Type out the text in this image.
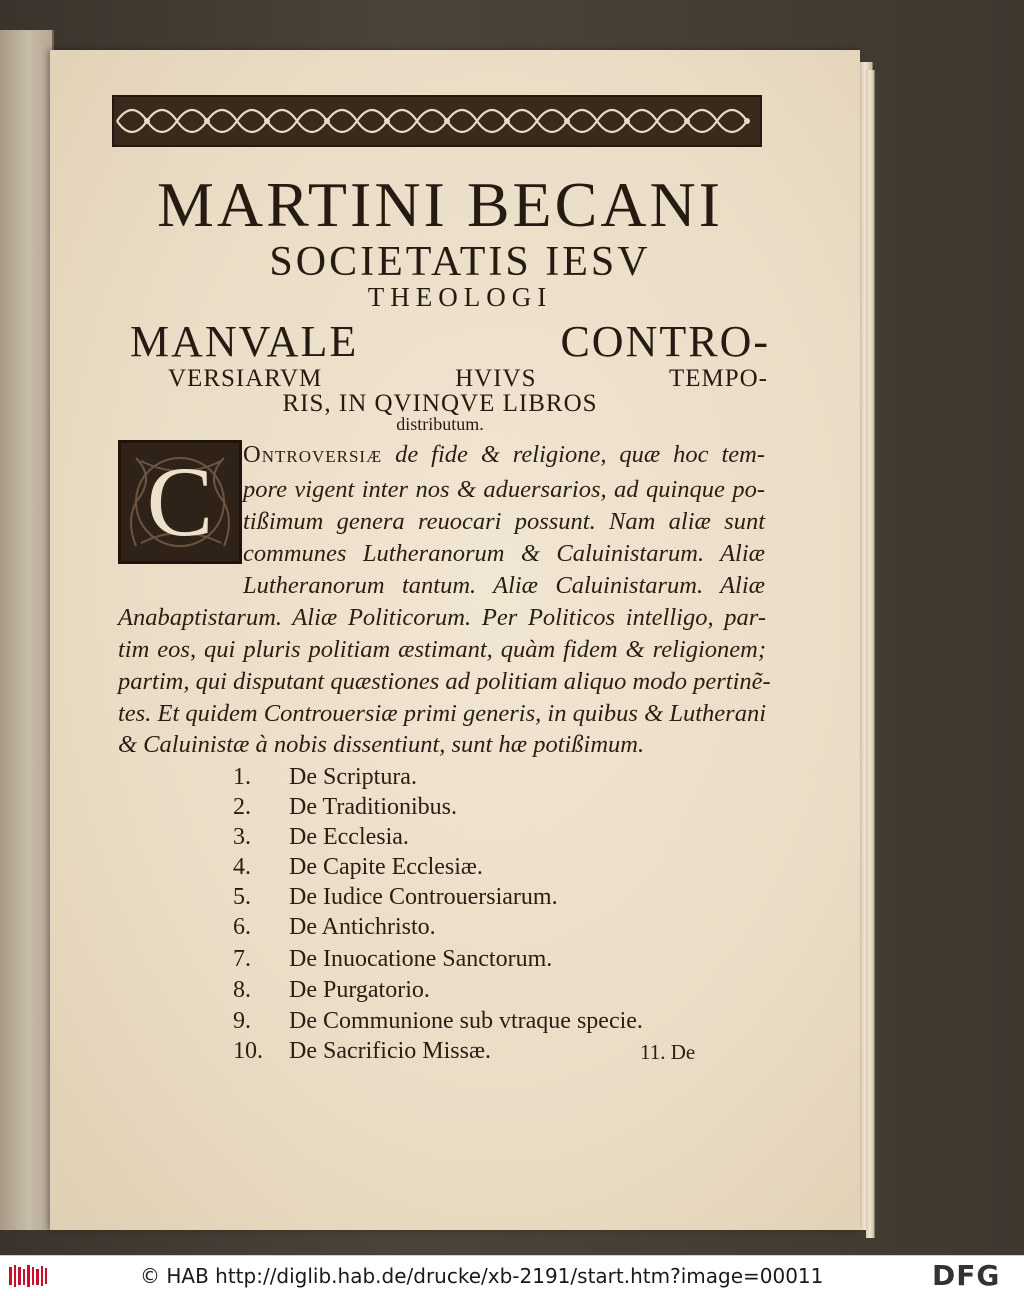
MARTINI BECANI
SOCIETATIS IESV
THEOLOGI
MANVALE CONTRO-
VERSIARVM HVIVS TEMPO-
RIS, IN QVINQVE LIBROS
distributum.
C	Ontroversiæ de fide & religione, quæ hoc tem-
pore vigent inter nos & aduersarios, ad quinque po-
tißimum genera reuocari possunt. Nam aliæ sunt
communes Lutheranorum & Caluinistarum. Aliæ
Lutheranorum tantum. Aliæ Caluinistarum. Aliæ
Anabaptistarum. Aliæ Politicorum. Per Politicos intelligo, par-
tim eos, qui pluris politiam æstimant, quàm fidem & religionem;
partim, qui disputant quæstiones ad politiam aliquo modo pertinẽ-
tes. Et quidem Controuersiæ primi generis, in quibus & Lutherani
& Caluinistæ à nobis dissentiunt, sunt hæ potißimum.
1. De Scriptura.
2. De Traditionibus.
3. De Ecclesia.
4. De Capite Ecclesiæ.
5. De Iudice Controuersiarum.
6. De Antichristo.
7. De Inuocatione Sanctorum.
8. De Purgatorio.
9. De Communione sub vtraque specie.
10. De Sacrificio Missæ.	11. De
© HAB http://diglib.hab.de/drucke/xb-2191/start.htm?image=00011	DFG
